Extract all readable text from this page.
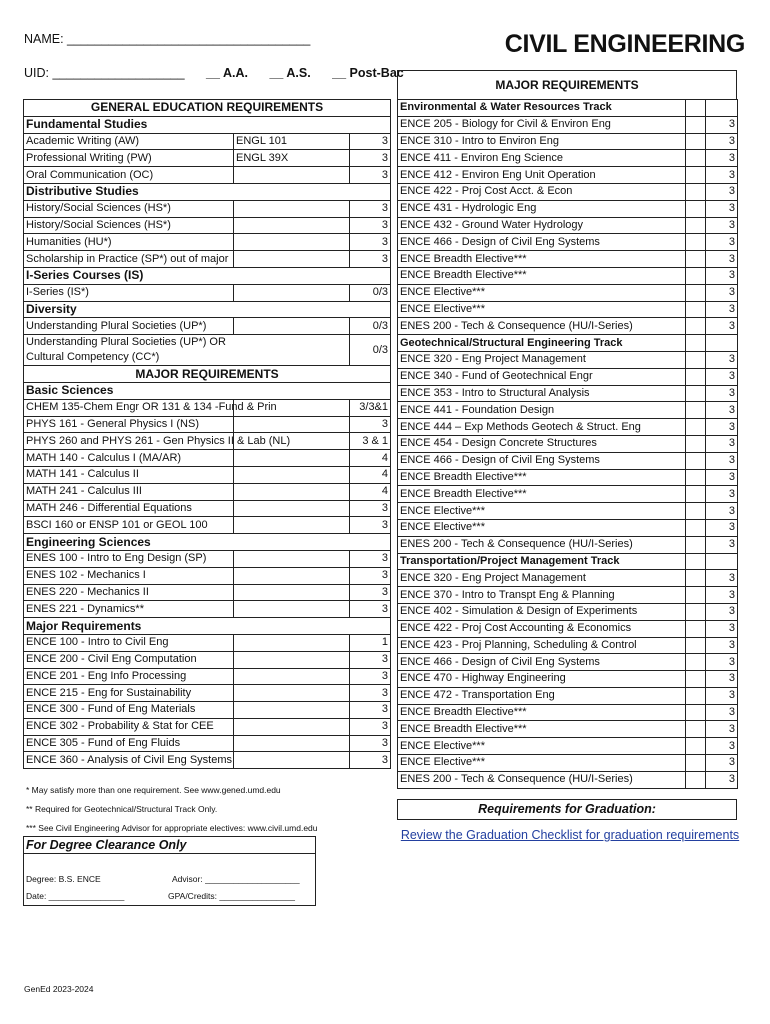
NAME: ___________________________________
UID: ___________________ __ A.A. __ A.S. __ Post-Bac
CIVIL ENGINEERING
MAJOR REQUIREMENTS
GENERAL EDUCATION REQUIREMENTS		
Fundamental Studies		
Academic Writing (AW)	ENGL 101	3
Professional Writing (PW)	ENGL 39X	3
Oral Communication (OC)		3
Distributive Studies		
History/Social Sciences (HS*)		3
History/Social Sciences (HS*)		3
Humanities (HU*)		3
Scholarship in Practice (SP*) out of major		3
I-Series Courses (IS)		
I-Series (IS*)		0/3
Diversity		
Understanding Plural Societies (UP*)		0/3

Understanding Plural Societies (UP*) OR
Cultural Competency (CC*)		0/3
MAJOR REQUIREMENTS		
Basic Sciences		
CHEM 135-Chem Engr OR 131 & 134 -Fund & Prin		3/3&1
PHYS 161 - General Physics I (NS)		3
PHYS 260 and PHYS 261 - Gen Physics II & Lab (NL)		3 & 1
MATH 140 - Calculus I (MA/AR)		4
MATH 141 - Calculus II		4
MATH 241 - Calculus III		4
MATH 246 - Differential Equations		3
BSCI 160 or ENSP 101 or GEOL 100		3
Engineering Sciences		
ENES 100 - Intro to Eng Design (SP)		3
ENES 102 - Mechanics I		3
ENES 220 - Mechanics II		3
ENES 221 - Dynamics**		3
Major Requirements		
ENCE 100 - Intro to Civil Eng		1
ENCE 200 - Civil Eng Computation		3
ENCE 201 - Eng Info Processing		3
ENCE 215 - Eng for Sustainability		3
ENCE 300 - Fund of Eng Materials		3
ENCE 302 - Probability & Stat for CEE		3
ENCE 305 - Fund of Eng Fluids		3
ENCE 360 - Analysis of Civil Eng Systems		3
Environmental & Water Resources Track		
ENCE 205 - Biology for Civil & Environ Eng		3
ENCE 310 - Intro to Environ Eng		3
ENCE 411 - Environ Eng Science		3
ENCE 412 - Environ Eng Unit Operation		3
ENCE 422 - Proj Cost Acct. & Econ		3
ENCE 431 - Hydrologic Eng		3
ENCE 432 - Ground Water Hydrology		3
ENCE 466 - Design of Civil Eng Systems		3
ENCE Breadth Elective***		3
ENCE Breadth Elective***		3
ENCE Elective***		3
ENCE Elective***		3
ENES 200 - Tech & Consequence (HU/I-Series)		3
Geotechnical/Structural Engineering Track		
ENCE 320 - Eng Project Management		3
ENCE 340 - Fund of Geotechnical Engr		3
ENCE 353 - Intro to Structural Analysis		3
ENCE 441 - Foundation Design		3
ENCE 444 – Exp Methods Geotech & Struct. Eng		3
ENCE 454 - Design Concrete Structures		3
ENCE 466 - Design of Civil Eng Systems		3
ENCE Breadth Elective***		3
ENCE Breadth Elective***		3
ENCE Elective***		3
ENCE Elective***		3
ENES 200 - Tech & Consequence (HU/I-Series)		3
Transportation/Project Management Track		
ENCE 320 - Eng Project Management		3
ENCE 370 - Intro to Transpt Eng & Planning		3
ENCE 402 - Simulation & Design of Experiments		3
ENCE 422 - Proj Cost Accounting & Economics		3
ENCE 423 - Proj Planning, Scheduling & Control		3
ENCE 466 - Design of Civil Eng Systems		3
ENCE 470 - Highway Engineering		3
ENCE 472 - Transportation Eng		3
ENCE Breadth Elective***		3
ENCE Breadth Elective***		3
ENCE Elective***		3
ENCE Elective***		3
ENES 200 - Tech & Consequence (HU/I-Series)		3
* May satisfy more than one requirement. See www.gened.umd.edu
** Required for Geotechnical/Structural Track Only.
*** See Civil Engineering Advisor for appropriate electives: www.civil.umd.edu
Requirements for Graduation:
Review the Graduation Checklist for graduation requirements
For Degree Clearance Only
Degree: B.S. ENCE	Advisor: ____________________
Date: ________________	GPA/Credits: ________________
GenEd 2023-2024
